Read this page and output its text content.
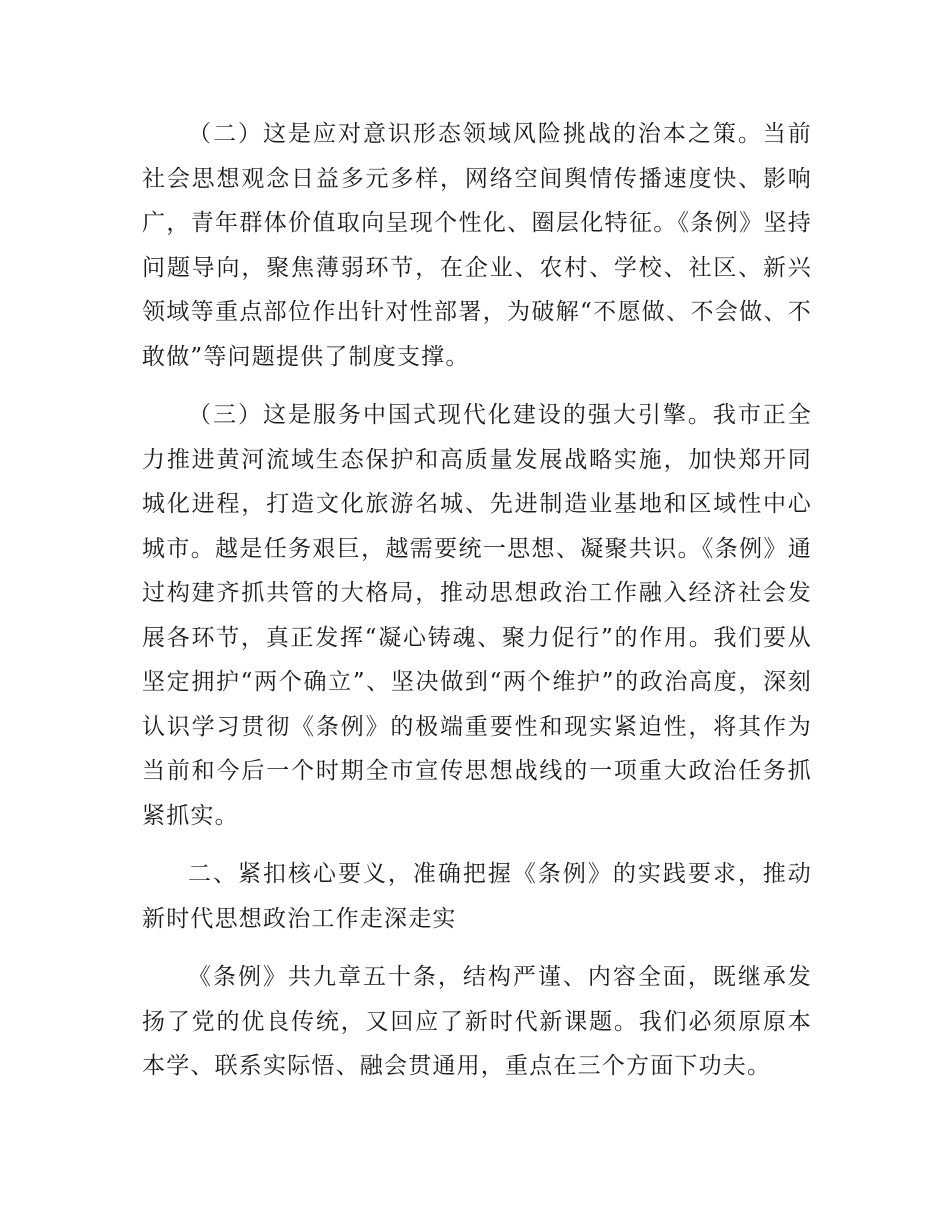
（二）这是应对意识形态领域风险挑战的治本之策。当前社会思想观念日益多元多样，网络空间舆情传播速度快、影响广，青年群体价值取向呈现个性化、圈层化特征。《条例》坚持问题导向，聚焦薄弱环节，在企业、农村、学校、社区、新兴领域等重点部位作出针对性部署，为破解“不愿做、不会做、不敢做”等问题提供了制度支撑。

（三）这是服务中国式现代化建设的强大引擎。我市正全力推进黄河流域生态保护和高质量发展战略实施，加快郑开同城化进程，打造文化旅游名城、先进制造业基地和区域性中心城市。越是任务艰巨，越需要统一思想、凝聚共识。《条例》通过构建齐抓共管的大格局，推动思想政治工作融入经济社会发展各环节，真正发挥“凝心铸魂、聚力促行”的作用。我们要从坚定拥护“两个确立”、坚决做到“两个维护”的政治高度，深刻认识学习贯彻《条例》的极端重要性和现实紧迫性，将其作为当前和今后一个时期全市宣传思想战线的一项重大政治任务抓紧抓实。

二、紧扣核心要义，准确把握《条例》的实践要求，推动新时代思想政治工作走深走实

《条例》共九章五十条，结构严谨、内容全面，既继承发扬了党的优良传统，又回应了新时代新课题。我们必须原原本本学、联系实际悟、融会贯通用，重点在三个方面下功夫。
